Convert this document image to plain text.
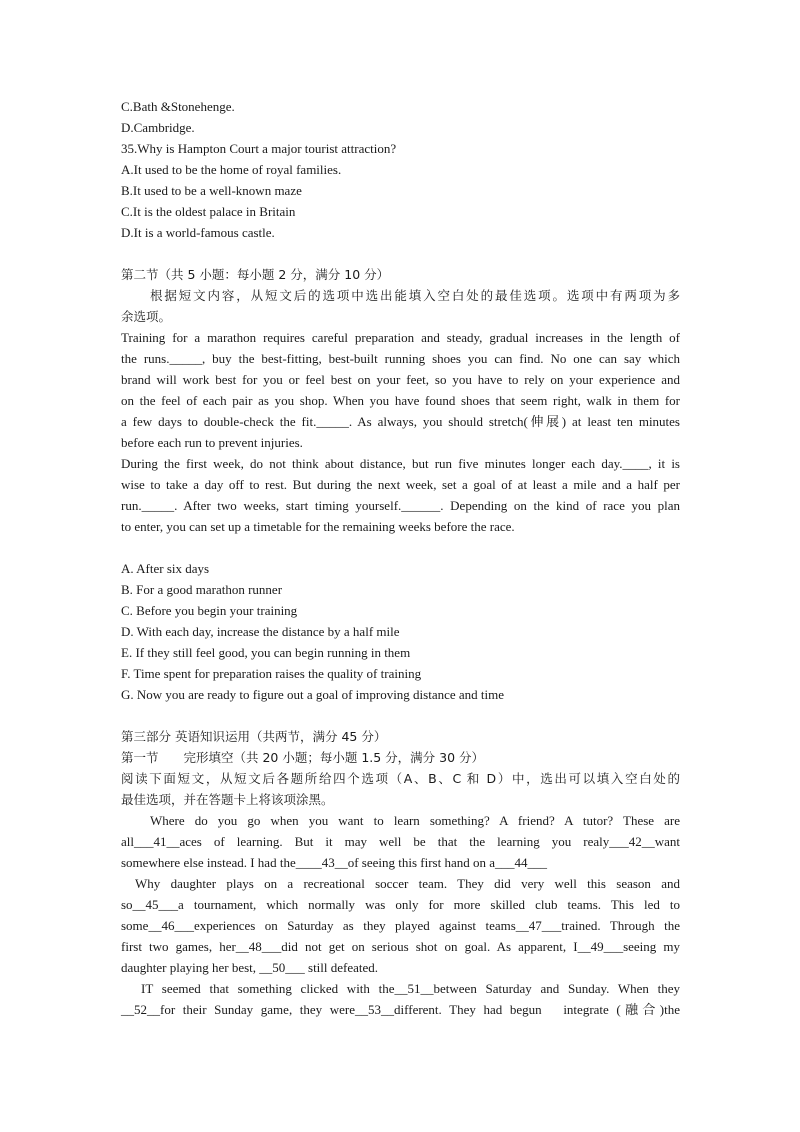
C.Bath &Stonehenge.
D.Cambridge.
35.Why is Hampton Court a major tourist attraction?
A.It used to be the home of royal families.
B.It used to be a well-known maze
C.It is the oldest palace in Britain
D.It is a world-famous castle.
第二节（共 5 小题：每小题 2 分，满分 10 分）
根据短文内容，从短文后的选项中选出能填入空白处的最佳选项。选项中有两项为多
余选项。
Training for a marathon requires careful preparation and steady, gradual increases in the length of
the runs._____, buy the best-fitting, best-built running shoes you can find. No one can say which
brand will work best for you or feel best on your feet, so you have to rely on your experience and
on the feel of each pair as you shop. When you have found shoes that seem right, walk in them for
a few days to double-check the fit._____. As always, you should stretch(伸展) at least ten minutes
before each run to prevent injuries.
During the first week, do not think about distance, but run five minutes longer each day.____, it is
wise to take a day off to rest. But during the next week, set a goal of at least a mile and a half per
run._____. After two weeks, start timing yourself.______. Depending on the kind of race you plan
to enter, you can set up a timetable for the remaining weeks before the race.
A. After six days
B. For a good marathon runner
C. Before you begin your training
D. With each day, increase the distance by a half mile
E. If they still feel good, you can begin running in them
F. Time spent for preparation raises the quality of training
G. Now you are ready to figure out a goal of improving distance and time
第三部分 英语知识运用（共两节，满分 45 分）
第一节　　完形填空（共 20 小题；每小题 1.5 分，满分 30 分）
阅读下面短文，从短文后各题所给四个选项（A、B、C 和 D）中，选出可以填入空白处的
最佳选项，并在答题卡上将该项涂黑。
Where do you go when you want to learn something? A friend? A tutor? These are
all___41__aces of learning. But it may well be that the learning you realy___42__want
somewhere else instead. I had the____43__of seeing this first hand on a___44___
Why daughter plays on a recreational soccer team. They did very well this season and
so__45___a tournament, which normally was only for more skilled club teams. This led to
some__46___experiences on Saturday as they played against teams__47___trained. Through the
first two games, her__48___did not get on serious shot on goal. As apparent, I__49___seeing my
daughter playing her best, __50___ still defeated.
IT seemed that something clicked with the__51__between Saturday and Sunday. When they
__52__for their Sunday game, they were__53__different. They had begun　integrate (融合)the
